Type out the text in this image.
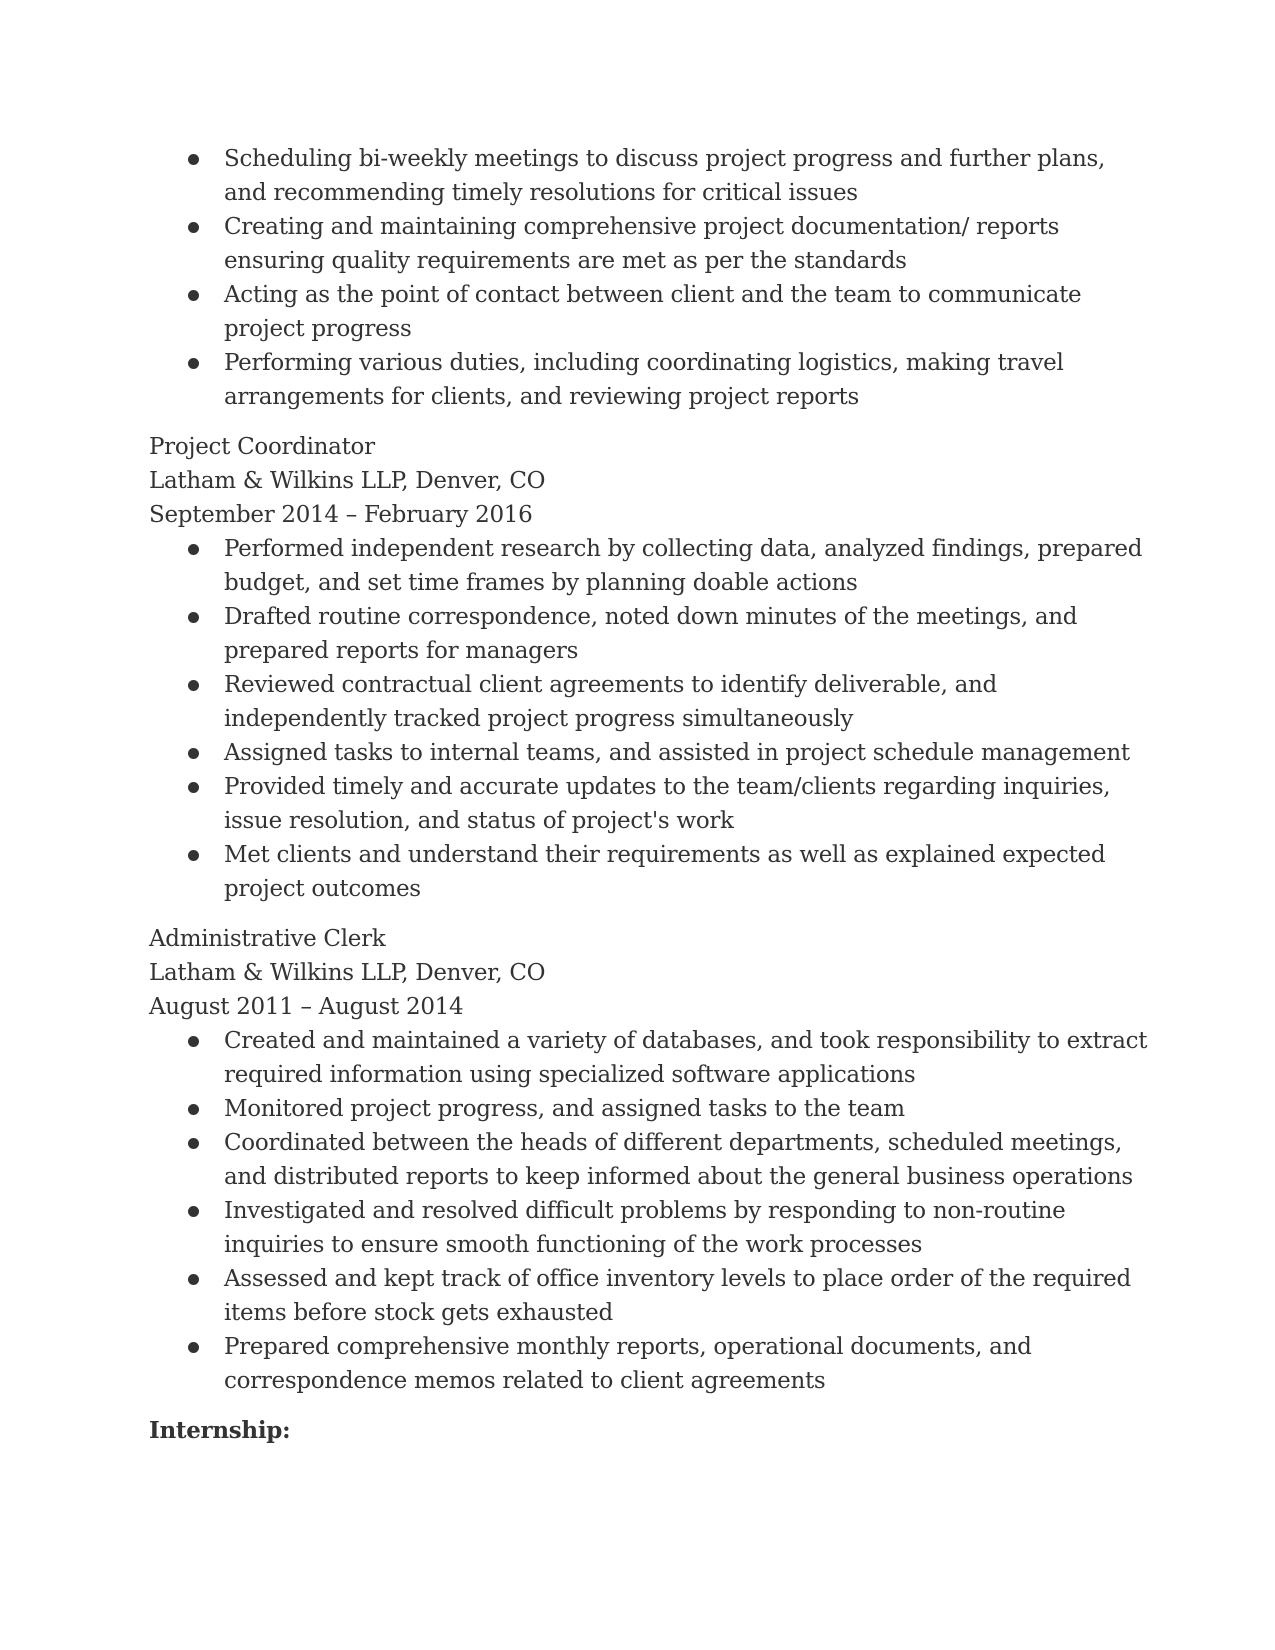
Scheduling bi-weekly meetings to discuss project progress and further plans, and recommending timely resolutions for critical issues
Creating and maintaining comprehensive project documentation/ reports ensuring quality requirements are met as per the standards
Acting as the point of contact between client and the team to communicate project progress
Performing various duties, including coordinating logistics, making travel arrangements for clients, and reviewing project reports
Project Coordinator
Latham & Wilkins LLP, Denver, CO
September 2014 – February 2016
Performed independent research by collecting data, analyzed findings, prepared budget, and set time frames by planning doable actions
Drafted routine correspondence, noted down minutes of the meetings, and prepared reports for managers
Reviewed contractual client agreements to identify deliverable, and independently tracked project progress simultaneously
Assigned tasks to internal teams, and assisted in project schedule management
Provided timely and accurate updates to the team/clients regarding inquiries, issue resolution, and status of project's work
Met clients and understand their requirements as well as explained expected project outcomes
Administrative Clerk
Latham & Wilkins LLP, Denver, CO
August 2011 – August 2014
Created and maintained a variety of databases, and took responsibility to extract required information using specialized software applications
Monitored project progress, and assigned tasks to the team
Coordinated between the heads of different departments, scheduled meetings, and distributed reports to keep informed about the general business operations
Investigated and resolved difficult problems by responding to non-routine inquiries to ensure smooth functioning of the work processes
Assessed and kept track of office inventory levels to place order of the required items before stock gets exhausted
Prepared comprehensive monthly reports, operational documents, and correspondence memos related to client agreements
Internship:
